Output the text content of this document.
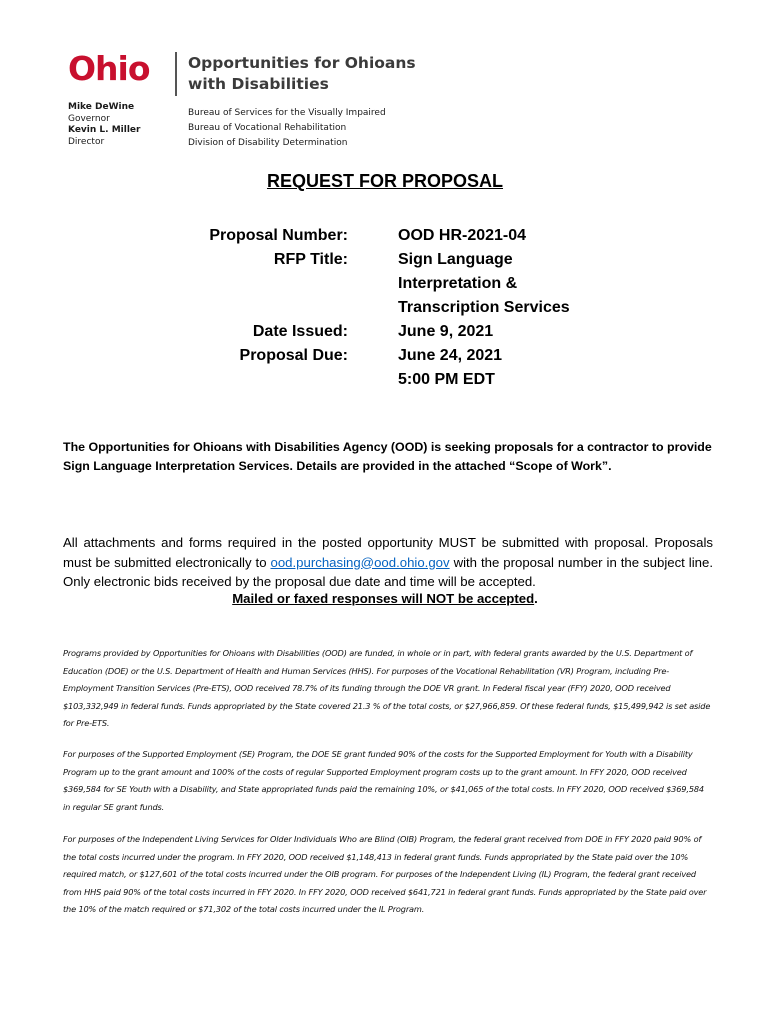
Ohio Opportunities for Ohioans
with Disabilities
Mike DeWine
Governor
Kevin L. Miller
Director
Bureau of Services for the Visually Impaired
Bureau of Vocational Rehabilitation
Division of Disability Determination
REQUEST FOR PROPOSAL
Proposal Number:	OOD HR-2021-04
RFP Title:	Sign Language
Interpretation &
Transcription Services
Date Issued:	June 9, 2021
Proposal Due:	June 24, 2021
5:00 PM EDT
The Opportunities for Ohioans with Disabilities Agency (OOD) is seeking proposals for a contractor to provide Sign Language Interpretation Services. Details are provided in the attached “Scope of Work”.
All attachments and forms required in the posted opportunity MUST be submitted with proposal. Proposals must be submitted electronically to ood.purchasing@ood.ohio.gov with the proposal number in the subject line. Only electronic bids received by the proposal due date and time will be accepted.
Mailed or faxed responses will NOT be accepted.
Programs provided by Opportunities for Ohioans with Disabilities (OOD) are funded, in whole or in part, with federal grants awarded by the U.S. Department of Education (DOE) or the U.S. Department of Health and Human Services (HHS). For purposes of the Vocational Rehabilitation (VR) Program, including Pre-Employment Transition Services (Pre-ETS), OOD received 78.7% of its funding through the DOE VR grant. In Federal fiscal year (FFY) 2020, OOD received $103,332,949 in federal funds. Funds appropriated by the State covered 21.3 % of the total costs, or $27,966,859. Of these federal funds, $15,499,942 is set aside for Pre-ETS.
For purposes of the Supported Employment (SE) Program, the DOE SE grant funded 90% of the costs for the Supported Employment for Youth with a Disability Program up to the grant amount and 100% of the costs of regular Supported Employment program costs up to the grant amount. In FFY 2020, OOD received $369,584 for SE Youth with a Disability, and State appropriated funds paid the remaining 10%, or $41,065 of the total costs. In FFY 2020, OOD received $369,584 in regular SE grant funds.
For purposes of the Independent Living Services for Older Individuals Who are Blind (OIB) Program, the federal grant received from DOE in FFY 2020 paid 90% of the total costs incurred under the program. In FFY 2020, OOD received $1,148,413 in federal grant funds. Funds appropriated by the State paid over the 10% required match, or $127,601 of the total costs incurred under the OIB program. For purposes of the Independent Living (IL) Program, the federal grant received from HHS paid 90% of the total costs incurred in FFY 2020. In FFY 2020, OOD received $641,721 in federal grant funds. Funds appropriated by the State paid over the 10% of the match required or $71,302 of the total costs incurred under the IL Program.
